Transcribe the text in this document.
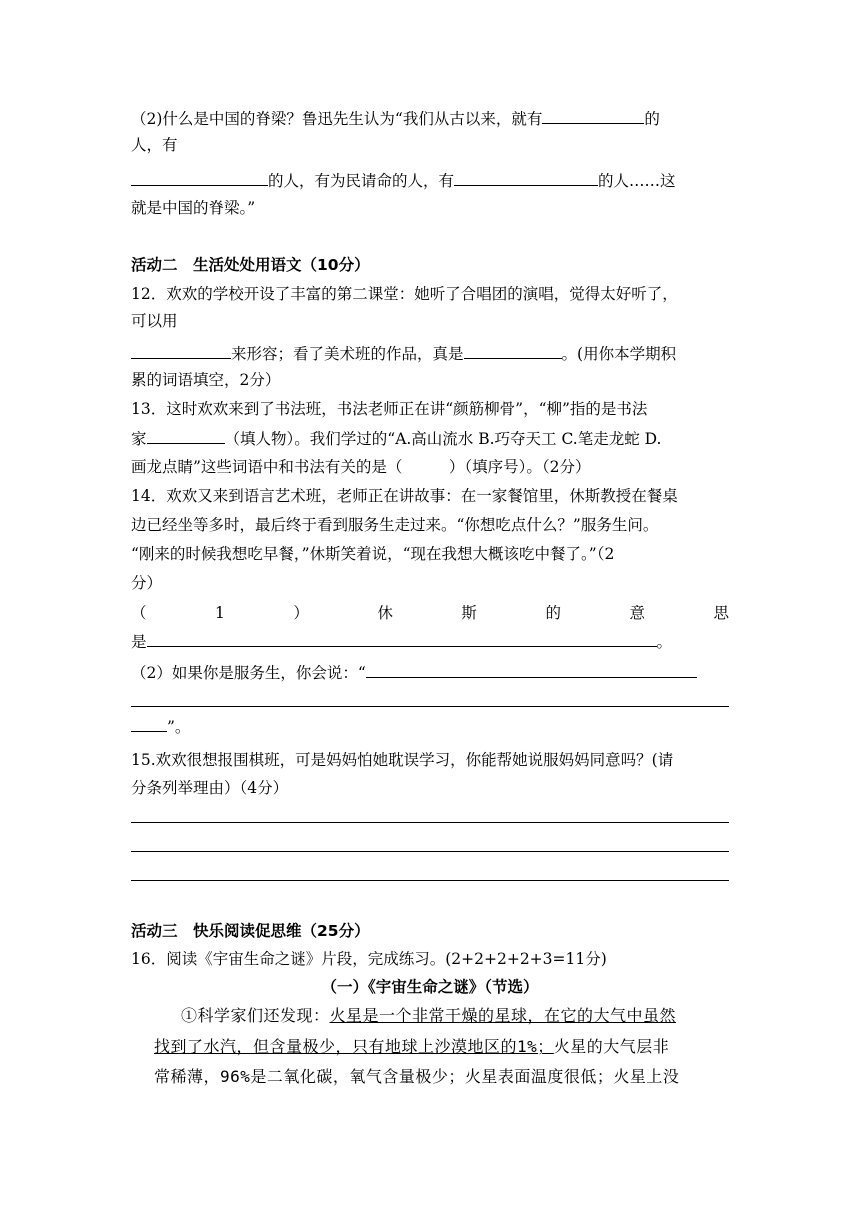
（2)什么是中国的脊梁？鲁迅先生认为“我们从古以来，就有	的
人，有
的人，有为民请命的人，有	的人……这
就是中国的脊梁。”
活动二　生活处处用语文（10分）
12．欢欢的学校开设了丰富的第二课堂：她听了合唱团的演唱，觉得太好听了，
可以用
来形容；看了美术班的作品，真是	。(用你本学期积
累的词语填空，2分）
13．这时欢欢来到了书法班，书法老师正在讲“颜筋柳骨”，“柳”指的是书法
家	（填人物）。我们学过的“A.高山流水 B.巧夺天工 C.笔走龙蛇 D.
画龙点睛”这些词语中和书法有关的是（　　　）（填序号）。（2分）
14．欢欢又来到语言艺术班，老师正在讲故事：在一家餐馆里，休斯教授在餐桌
边已经坐等多时，最后终于看到服务生走过来。“你想吃点什么？”服务生问。
“刚来的时候我想吃早餐，”休斯笑着说，“现在我想大概该吃中餐了。”（2
分）
（	1	）	休	斯	的	意	思
是	。
（2）如果你是服务生，你会说：“
”。
15.欢欢很想报围棋班，可是妈妈怕她耽误学习，你能帮她说服妈妈同意吗？(请
分条列举理由）（4分）
活动三　快乐阅读促思维（25分）
16．阅读《宇宙生命之谜》片段，完成练习。(2+2+2+2+3=11分)
（一）《宇宙生命之谜》（节选）
①科学家们还发现：火星是一个非常干燥的星球，在它的大气中虽然
找到了水汽，但含量极少，只有地球上沙漠地区的1%；火星的大气层非
常稀薄，96%是二氧化碳，氧气含量极少；火星表面温度很低；火星上没
